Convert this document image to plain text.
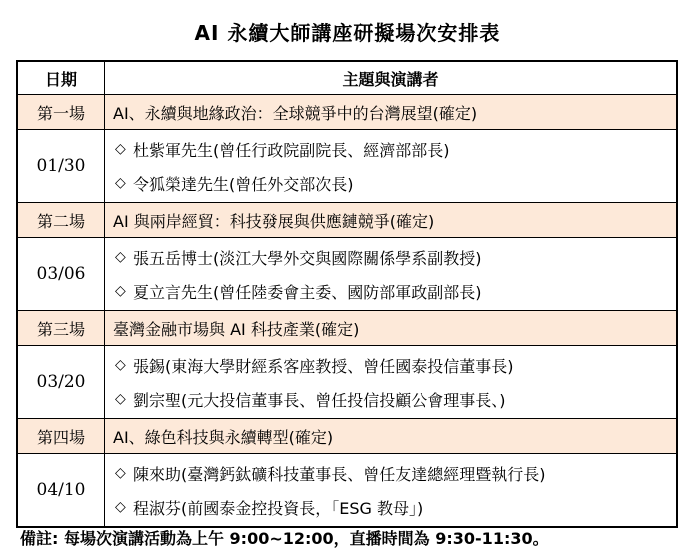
AI 永續大師講座研擬場次安排表
日期	主題與演講者
第一場	AI、永續與地緣政治：全球競爭中的台灣展望(確定)
01/30	◇ 杜紫軍先生(曾任行政院副院長、經濟部部長)
◇ 令狐榮達先生(曾任外交部次長)

第二場	AI 與兩岸經貿：科技發展與供應鏈競爭(確定)
03/06	◇ 張五岳博士(淡江大學外交與國際關係學系副教授)
◇ 夏立言先生(曾任陸委會主委、國防部軍政副部長)

第三場	臺灣金融市場與 AI 科技產業(確定)
03/20	◇ 張錫(東海大學財經系客座教授、曾任國泰投信董事長)
◇ 劉宗聖(元大投信董事長、曾任投信投顧公會理事長、)

第四場	AI、綠色科技與永續轉型(確定)
04/10	◇ 陳來助(臺灣鈣鈦礦科技董事長、曾任友達總經理暨執行長)
◇ 程淑芬(前國泰金控投資長，「ESG 教母」)
備註: 每場次演講活動為上午 9:00~12:00，直播時間為 9:30-11:30。
